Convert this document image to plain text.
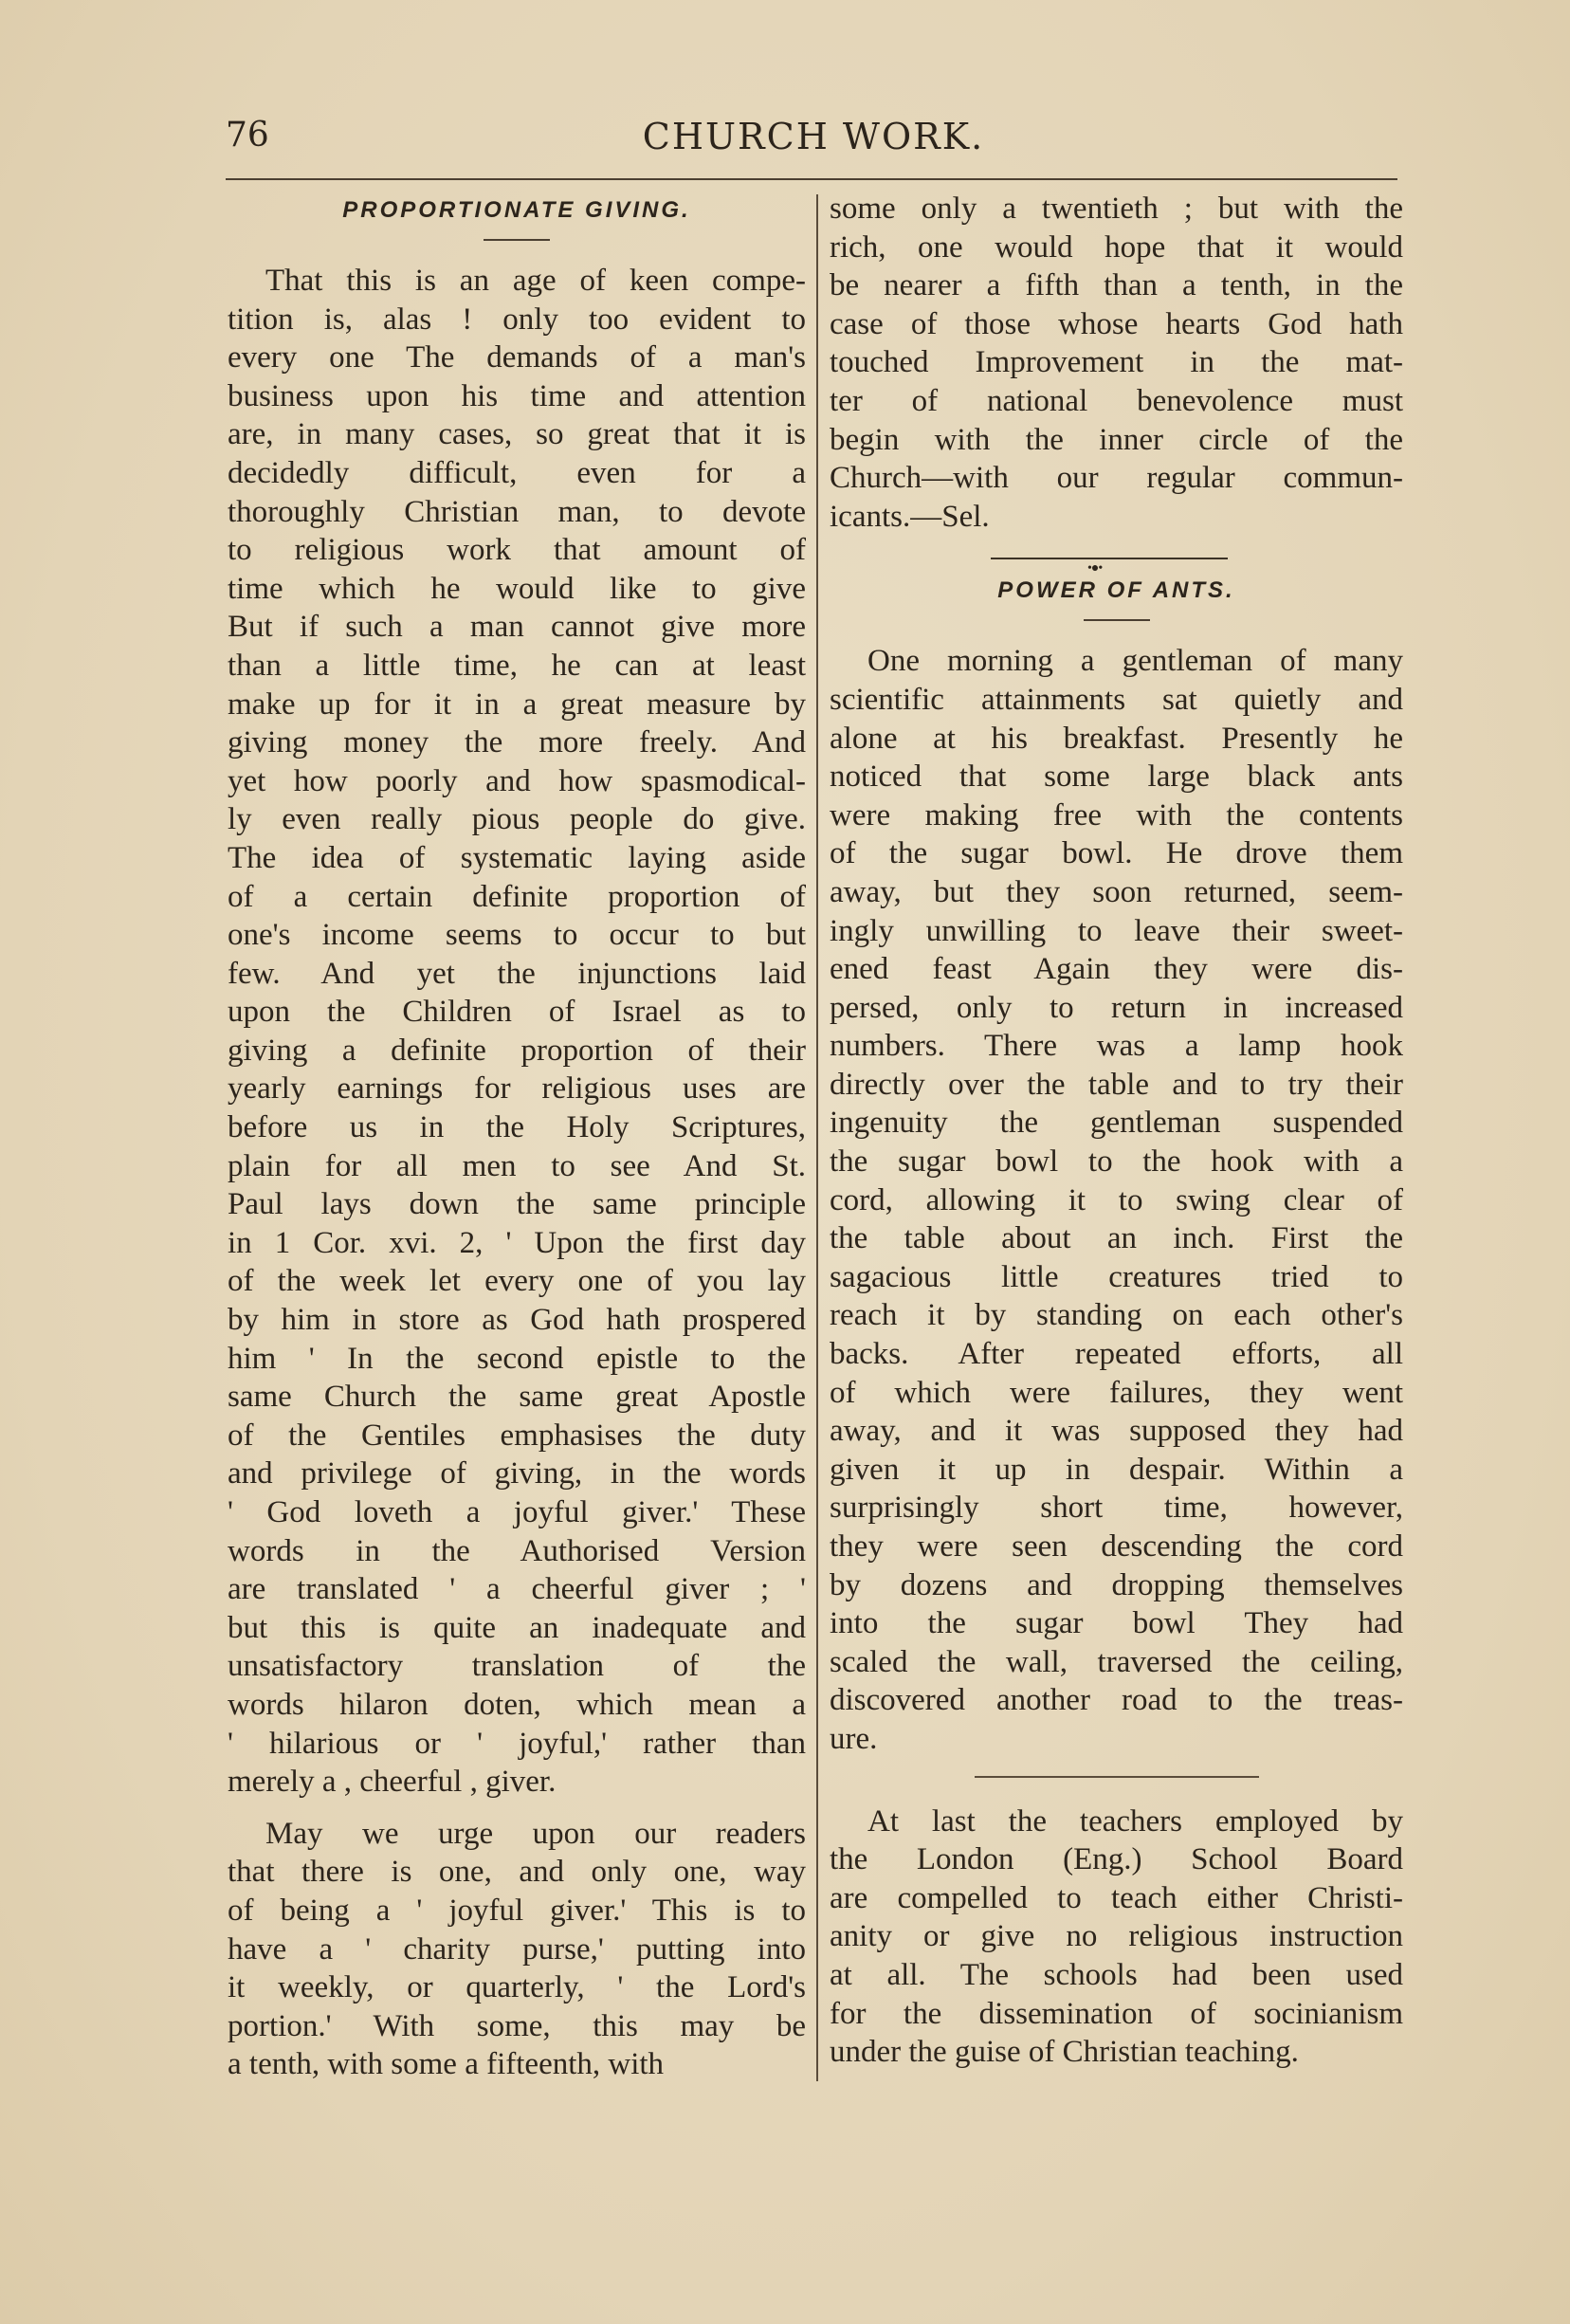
76	CHURCH WORK.
PROPORTIONATE GIVING.
That this is an age of keen compe-
tition is, alas ! only too evident to
every one The demands of a man's
business upon his time and attention
are, in many cases, so great that it is
decidedly difficult, even for a
thoroughly Christian man, to devote
to religious work that amount of
time which he would like to give
But if such a man cannot give more
than a little time, he can at least
make up for it in a great measure by
giving money the more freely. And
yet how poorly and how spasmodical-
ly even really pious people do give.
The idea of systematic laying aside
of a certain definite proportion of
one's income seems to occur to but
few. And yet the injunctions laid
upon the Children of Israel as to
giving a definite proportion of their
yearly earnings for religious uses are
before us in the Holy Scriptures,
plain for all men to see And St.
Paul lays down the same principle
in 1 Cor. xvi. 2, ' Upon the first day
of the week let every one of you lay
by him in store as God hath prospered
him ' In the second epistle to the
same Church the same great Apostle
of the Gentiles emphasises the duty
and privilege of giving, in the words
' God loveth a joyful giver.' These
words in the Authorised Version
are translated ' a cheerful giver ; '
but this is quite an inadequate and
unsatisfactory translation of the
words hilaron doten, which mean a
' hilarious or ' joyful,' rather than
merely a , cheerful , giver.
May we urge upon our readers
that there is one, and only one, way
of being a ' joyful giver.' This is to
have a ' charity purse,' putting into
it weekly, or quarterly, ' the Lord's
portion.' With some, this may be
a tenth, with some a fifteenth, with
some only a twentieth ; but with the
rich, one would hope that it would
be nearer a fifth than a tenth, in the
case of those whose hearts God hath
touched Improvement in the mat-
ter of national benevolence must
begin with the inner circle of the
Church—with our regular commun-
icants.—Sel.
•●•
POWER OF ANTS.
One morning a gentleman of many
scientific attainments sat quietly and
alone at his breakfast. Presently he
noticed that some large black ants
were making free with the contents
of the sugar bowl. He drove them
away, but they soon returned, seem-
ingly unwilling to leave their sweet-
ened feast Again they were dis-
persed, only to return in increased
numbers. There was a lamp hook
directly over the table and to try their
ingenuity the gentleman suspended
the sugar bowl to the hook with a
cord, allowing it to swing clear of
the table about an inch. First the
sagacious little creatures tried to
reach it by standing on each other's
backs. After repeated efforts, all
of which were failures, they went
away, and it was supposed they had
given it up in despair. Within a
surprisingly short time, however,
they were seen descending the cord
by dozens and dropping themselves
into the sugar bowl They had
scaled the wall, traversed the ceiling,
discovered another road to the treas-
ure.
At last the teachers employed by
the London (Eng.) School Board
are compelled to teach either Christi-
anity or give no religious instruction
at all. The schools had been used
for the dissemination of socinianism
under the guise of Christian teaching.
